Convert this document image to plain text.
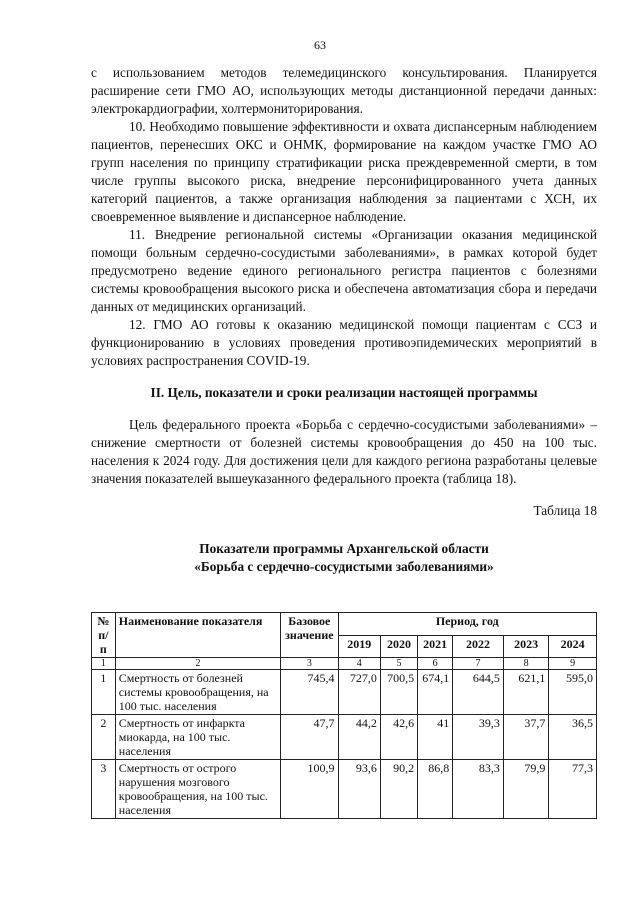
63

с использованием методов телемедицинского консультирования. Планируется расширение сети ГМО АО, использующих методы дистанционной передачи данных: электрокардиографии, холтермониторирования.

10. Необходимо повышение эффективности и охвата диспансерным наблюдением пациентов, перенесших ОКС и ОНМК, формирование на каждом участке ГМО АО групп населения по принципу стратификации риска преждевременной смерти, в том числе группы высокого риска, внедрение персонифицированного учета данных категорий пациентов, а также организация наблюдения за пациентами с ХСН, их своевременное выявление и диспансерное наблюдение.

11. Внедрение региональной системы «Организации оказания медицинской помощи больным сердечно-сосудистыми заболеваниями», в рамках которой будет предусмотрено ведение единого регионального регистра пациентов с болезнями системы кровообращения высокого риска и обеспечена автоматизация сбора и передачи данных от медицинских организаций.

12. ГМО АО готовы к оказанию медицинской помощи пациентам с ССЗ и функционированию в условиях проведения противоэпидемических мероприятий в условиях распространения COVID-19.

II. Цель, показатели и сроки реализации настоящей программы

Цель федерального проекта «Борьба с сердечно-сосудистыми заболеваниями» – снижение смертности от болезней системы кровообращения до 450 на 100 тыс. населения к 2024 году. Для достижения цели для каждого региона разработаны целевые значения показателей вышеуказанного федерального проекта (таблица 18).

Таблица 18

Показатели программы Архангельской области
«Борьба с сердечно-сосудистыми заболеваниями»

№ п/п	Наименование показателя	Базовое значение	Период, год					
			2019	2020	2021	2022	2023	2024
1	2	3	4	5	6	7	8	9
1	Смертность от болезней системы кровообращения, на 100 тыс. населения	745,4	727,0	700,5	674,1	644,5	621,1	595,0
2	Смертность от инфаркта миокарда, на 100 тыс. населения	47,7	44,2	42,6	41	39,3	37,7	36,5
3	Смертность от острого нарушения мозгового кровообращения, на 100 тыс. населения	100,9	93,6	90,2	86,8	83,3	79,9	77,3
